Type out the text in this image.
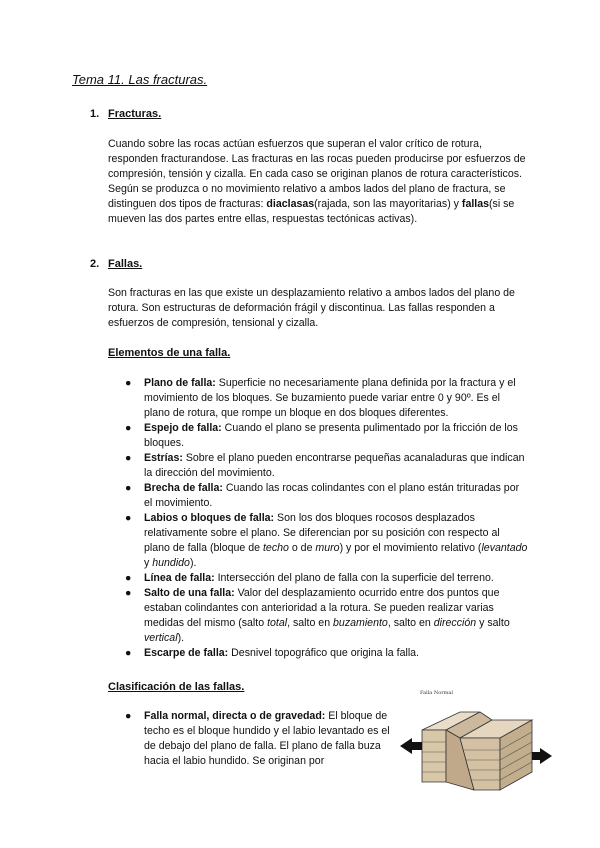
Tema 11. Las fracturas.
1. Fracturas.

Cuando sobre las rocas actúan esfuerzos que superan el valor crítico de rotura, responden fracturandose. Las fracturas en las rocas pueden producirse por esfuerzos de compresión, tensión y cizalla. En cada caso se originan planos de rotura característicos. Según se produzca o no movimiento relativo a ambos lados del plano de fractura, se distinguen dos tipos de fracturas: diaclasas(rajada, son las mayoritarias) y fallas(si se mueven las dos partes entre ellas, respuestas tectónicas activas).

2. Fallas.

Son fracturas en las que existe un desplazamiento relativo a ambos lados del plano de rotura. Son estructuras de deformación frágil y discontinua. Las fallas responden a esfuerzos de compresión, tensional y cizalla.

Elementos de una falla.
● Plano de falla: Superficie no necesariamente plana definida por la fractura y el movimiento de los bloques. Se buzamiento puede variar entre 0 y 90º. Es el plano de rotura, que rompe un bloque en dos bloques diferentes.
● Espejo de falla: Cuando el plano se presenta pulimentado por la fricción de los bloques.
● Estrías: Sobre el plano pueden encontrarse pequeñas acanaladuras que indican la dirección del movimiento.
● Brecha de falla: Cuando las rocas colindantes con el plano están trituradas por el movimiento.
● Labios o bloques de falla: Son los dos bloques rocosos desplazados relativamente sobre el plano. Se diferencian por su posición con respecto al plano de falla (bloque de techo o de muro) y por el movimiento relativo (levantado y hundido).
● Línea de falla: Intersección del plano de falla con la superficie del terreno.
● Salto de una falla: Valor del desplazamiento ocurrido entre dos puntos que estaban colindantes con anterioridad a la rotura. Se pueden realizar varias medidas del mismo (salto total, salto en buzamiento, salto en dirección y salto vertical).
● Escarpe de falla: Desnivel topográfico que origina la falla.
Clasificación de las fallas.

● Falla normal, directa o de gravedad: El bloque de techo es el bloque hundido y el labio levantado es el de debajo del plano de falla. El plano de falla buza hacia el labio hundido. Se originan por

Falla Normal
